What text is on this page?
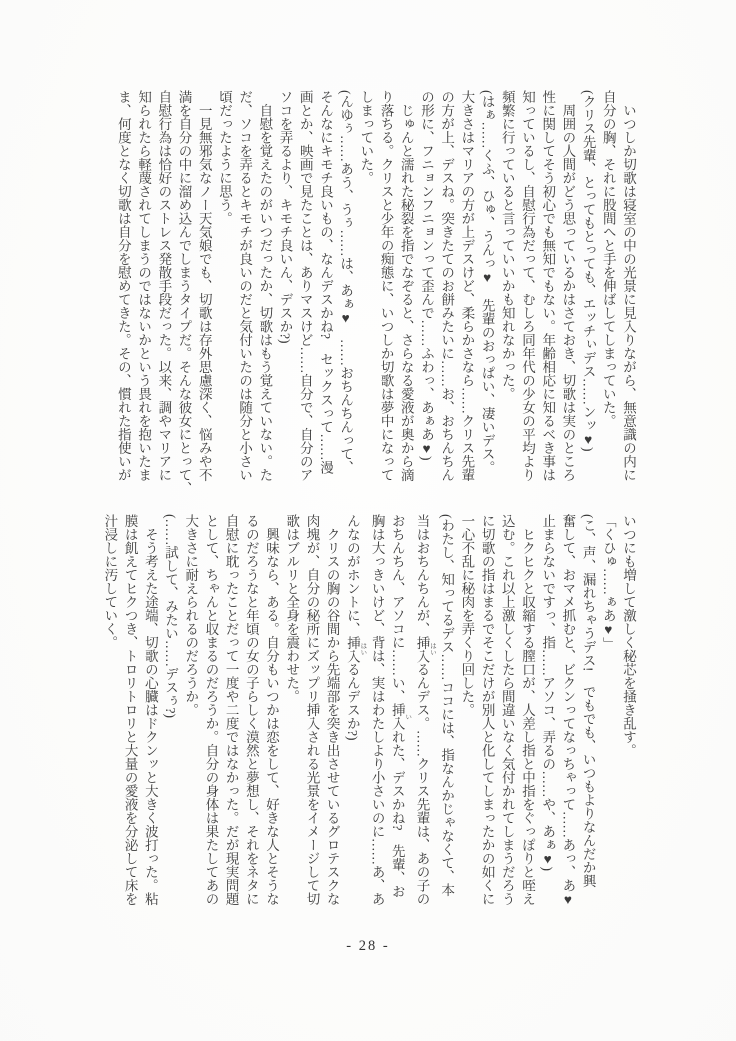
　いつしか切歌は寝室の中の光景に見入りながら、無意識の内に
自分の胸、それに股間へと手を伸ばしてしまっていた。
(クリス先輩、とってもとっても、エッチぃデス……ンッ♥)
　周囲の人間がどう思っているかはさておき、切歌は実のところ
性に関してそう初心でも無知でもない。年齢相応に知るべき事は
知っているし、自慰行為だって、むしろ同年代の少女の平均より
頻繁に行っていると言っていいかも知れなかった。
(はぁ……くふ、ひゅ、うんっ♥　先輩のおっぱい、凄いデス。
大きさはマリアの方が上デスけど、柔らかさなら……クリス先輩
の方が上、デスね。突きたてのお餅みたいに……お、おちんちん
の形に、フニョンフニョンって歪んで……ふわっ、あぁあ♥)
　じゅんと濡れた秘裂を指でなぞると、さらなる愛液が奥から滴
り落ちる。クリスと少年の痴態に、いつしか切歌は夢中になって
しまっていた。
(んゆぅ……あう、うぅ……は、あぁ♥　……おちんちんって、
そんなにキモチ良いもの、なんデスかね?　セックスって……漫
画とか、映画で見たことは、ありマスけど……自分で、自分のア
ソコを弄るより、キモチ良いん、デスか?)
　自慰を覚えたのがいつだったか、切歌はもう覚えていない。た
だ、ソコを弄るとキモチが良いのだと気付いたのは随分と小さい
頃だったように思う。
　一見無邪気なノー天気娘でも、切歌は存外思慮深く、悩みや不
満を自分の中に溜め込んでしまうタイプだ。そんな彼女にとって、
自慰行為は恰好のストレス発散手段だった。以来、調やマリアに
知られたら軽蔑されてしまうのではないかという畏れを抱いたま
ま、何度となく切歌は自分を慰めてきた。その、慣れた指使いが
いつにも増して激しく秘芯を掻き乱す。
「くひゅ……ぁあ♥」
(こ、声、漏れちゃうデス!　でもでも、いつもよりなんだか興
奮して、おマメ抓むと、ビクンってなっちゃって……あっ、あ♥
止まらないですっ、指……アソコ、弄るの……や、あぁ♥)
　ヒクヒクと収縮する膣口が、人差し指と中指をぐっぽりと咥え
込む。これ以上激しくしたら間違いなく気付かれてしまうだろう
に切歌の指はまるでそこだけが別人と化してしまったかの如くに
一心不乱に秘肉を弄くり回した。
(わたし、知ってるデス……ココには、指なんかじゃなくて、本
当はおちんちんが、挿入 はいるんデス。……クリス先輩は、あの子の
おちんちん、アソコに……い、挿入 いれた、デスかね?　先輩、お
胸は大っきいけど、背は、実はわたしより小さいのに……あ、あ
んなのがホントに、挿入 はいるんデスか?)
　クリスの胸の谷間から先端部を突き出させているグロテスクな
肉塊が、自分の秘所にズップリ挿入される光景をイメージして切
歌はブルリと全身を震わせた。
　興味なら、ある。自分もいつかは恋をして、好きな人とそうな
るのだろうなと年頃の女の子らしく漠然と夢想し、それをネタに
自慰に耽ったことだって一度や二度ではなかった。だが現実問題
として、ちゃんと収まるのだろうか。自分の身体は果たしてあの
大きさに耐えられるのだろうか。
(……試して、みたい……デスぅ?)
　そう考えた途端、切歌の心臓はドクンッと大きく波打った。粘
膜は飢えてヒクつき、トロリトロリと大量の愛液を分泌して床を
汁浸しに汚していく。
- 28 -
